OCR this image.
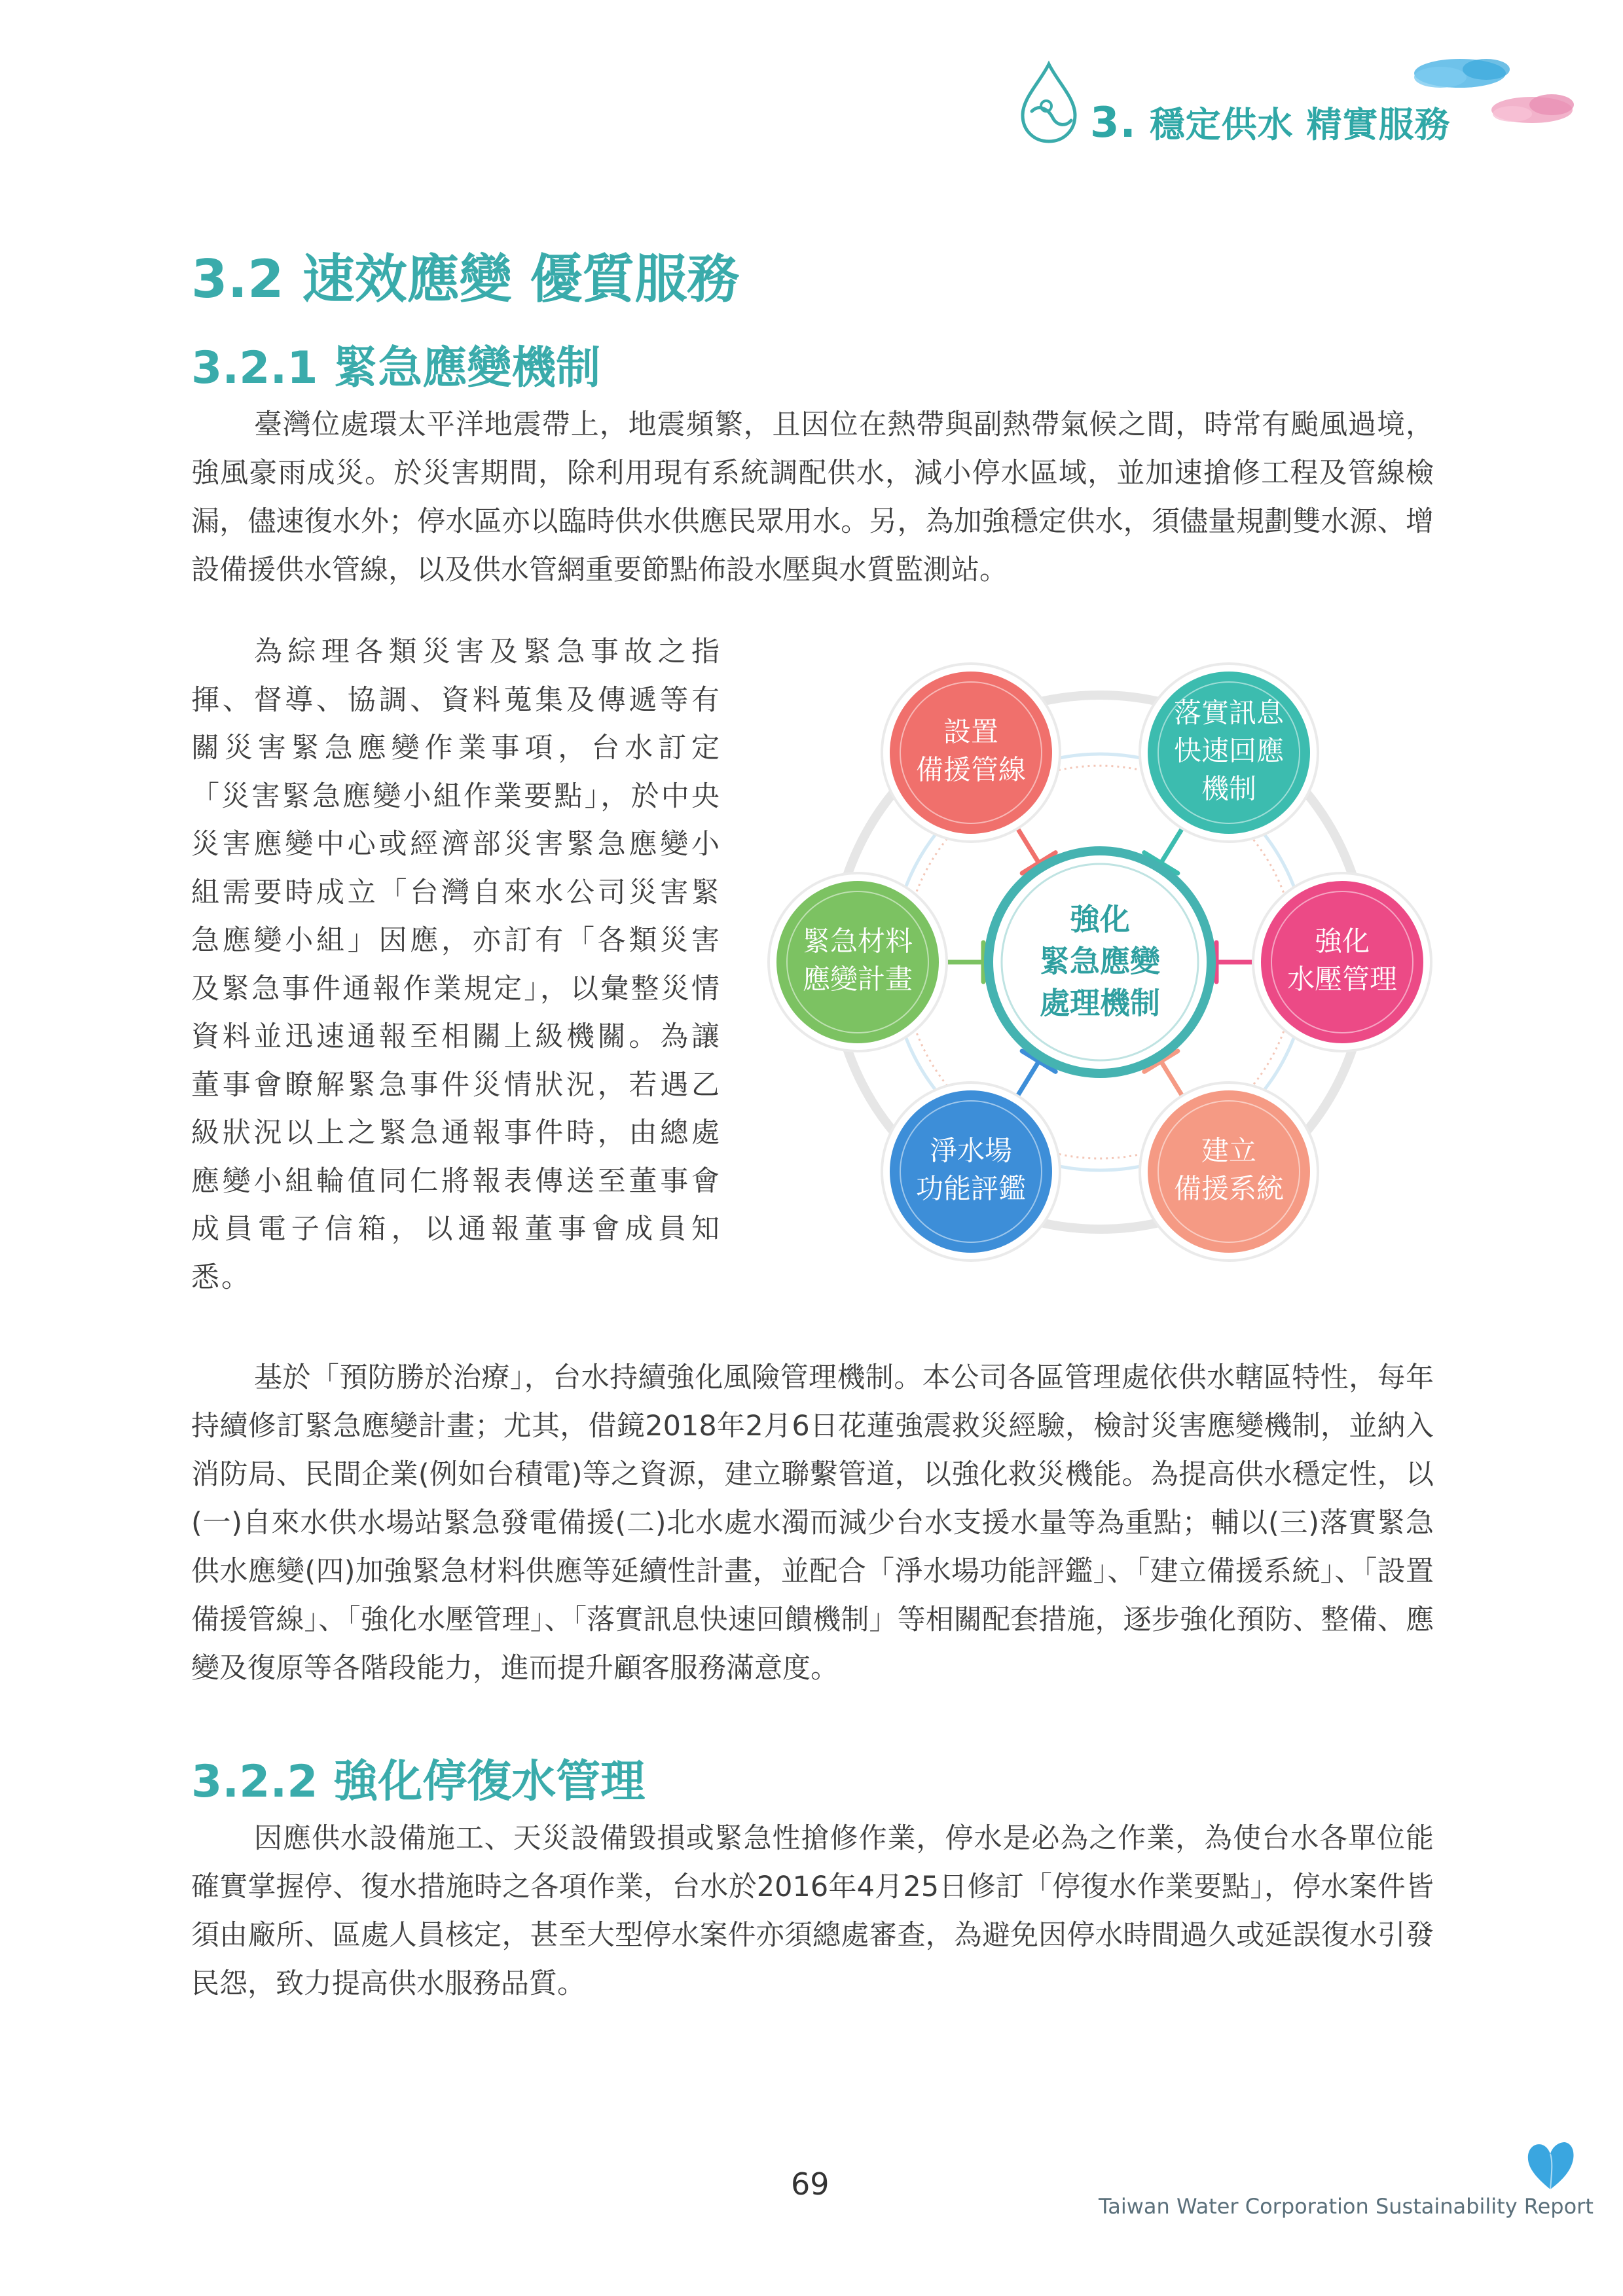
3. 穩定供水 精實服務
3.2 速效應變 優質服務
3.2.1 緊急應變機制

臺灣位處環太平洋地震帶上，地震頻繁，且因位在熱帶與副熱帶氣候之間，時常有颱風過境，強風豪雨成災。於災害期間，除利用現有系統調配供水，減小停水區域，並加速搶修工程及管線檢漏，儘速復水外；停水區亦以臨時供水供應民眾用水。另，為加強穩定供水，須儘量規劃雙水源、增設備援供水管線，以及供水管網重要節點佈設水壓與水質監測站。

為綜理各類災害及緊急事故之指揮、督導、協調、資料蒐集及傳遞等有關災害緊急應變作業事項，台水訂定「災害緊急應變小組作業要點」，於中央災害應變中心或經濟部災害緊急應變小組需要時成立「台灣自來水公司災害緊急應變小組」因應，亦訂有「各類災害及緊急事件通報作業規定」，以彙整災情資料並迅速通報至相關上級機關。為讓董事會瞭解緊急事件災情狀況，若遇乙級狀況以上之緊急通報事件時，由總處應變小組輪值同仁將報表傳送至董事會成員電子信箱，以通報董事會成員知悉。

強化
緊急應變
處理機制
設置
備援管線
落實訊息
快速回應
機制
強化
水壓管理
建立
備援系統
淨水場
功能評鑑
緊急材料
應變計畫

基於「預防勝於治療」，台水持續強化風險管理機制。本公司各區管理處依供水轄區特性，每年持續修訂緊急應變計畫；尤其，借鏡2018年2月6日花蓮強震救災經驗，檢討災害應變機制，並納入消防局、民間企業(例如台積電)等之資源，建立聯繫管道，以強化救災機能。為提高供水穩定性，以(一)自來水供水場站緊急發電備援(二)北水處水濁而減少台水支援水量等為重點；輔以(三)落實緊急供水應變(四)加強緊急材料供應等延續性計畫，並配合「淨水場功能評鑑」、「建立備援系統」、「設置備援管線」、「強化水壓管理」、「落實訊息快速回饋機制」等相關配套措施，逐步強化預防、整備、應變及復原等各階段能力，進而提升顧客服務滿意度。

3.2.2 強化停復水管理

因應供水設備施工、天災設備毀損或緊急性搶修作業，停水是必為之作業，為使台水各單位能確實掌握停、復水措施時之各項作業，台水於2016年4月25日修訂「停復水作業要點」，停水案件皆須由廠所、區處人員核定，甚至大型停水案件亦須總處審查，為避免因停水時間過久或延誤復水引發民怨，致力提高供水服務品質。

69
Taiwan Water Corporation Sustainability Report
